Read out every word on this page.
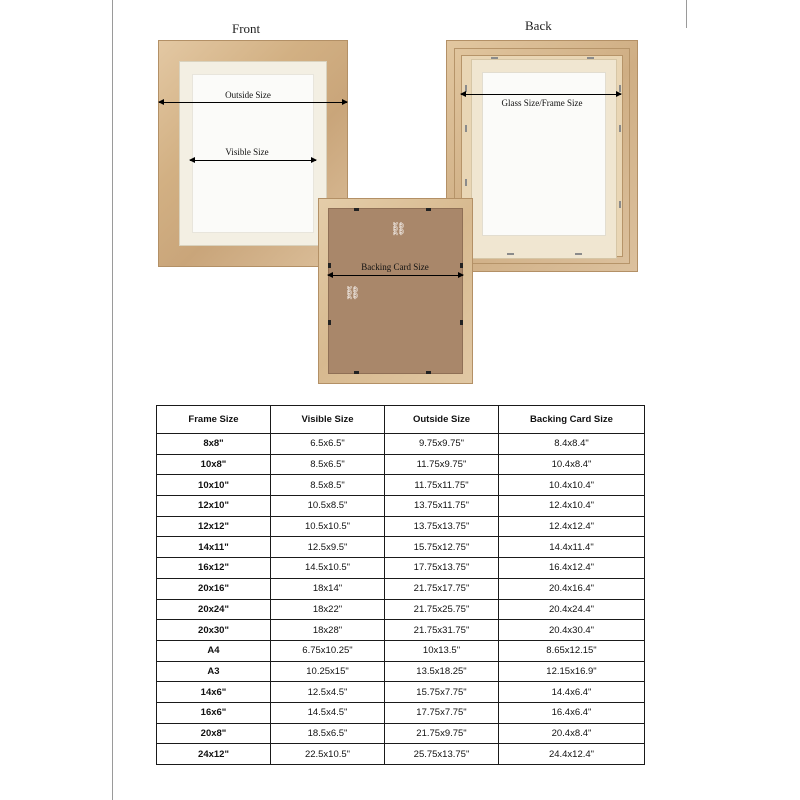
Front
Outside Size
Visible Size
Back
Glass Size/Frame Size
⛓
⛓
Backing Card Size
Frame Size	Visible Size	Outside Size	Backing Card Size
8x8"	6.5x6.5"	9.75x9.75"	8.4x8.4"
10x8"	8.5x6.5"	11.75x9.75"	10.4x8.4"
10x10"	8.5x8.5"	11.75x11.75"	10.4x10.4"
12x10"	10.5x8.5"	13.75x11.75"	12.4x10.4"
12x12"	10.5x10.5"	13.75x13.75"	12.4x12.4"
14x11"	12.5x9.5"	15.75x12.75"	14.4x11.4"
16x12"	14.5x10.5"	17.75x13.75"	16.4x12.4"
20x16"	18x14"	21.75x17.75"	20.4x16.4"
20x24"	18x22"	21.75x25.75"	20.4x24.4"
20x30"	18x28"	21.75x31.75"	20.4x30.4"
A4	6.75x10.25"	10x13.5"	8.65x12.15"
A3	10.25x15"	13.5x18.25"	12.15x16.9"
14x6"	12.5x4.5"	15.75x7.75"	14.4x6.4"
16x6"	14.5x4.5"	17.75x7.75"	16.4x6.4"
20x8"	18.5x6.5"	21.75x9.75"	20.4x8.4"
24x12"	22.5x10.5"	25.75x13.75"	24.4x12.4"
